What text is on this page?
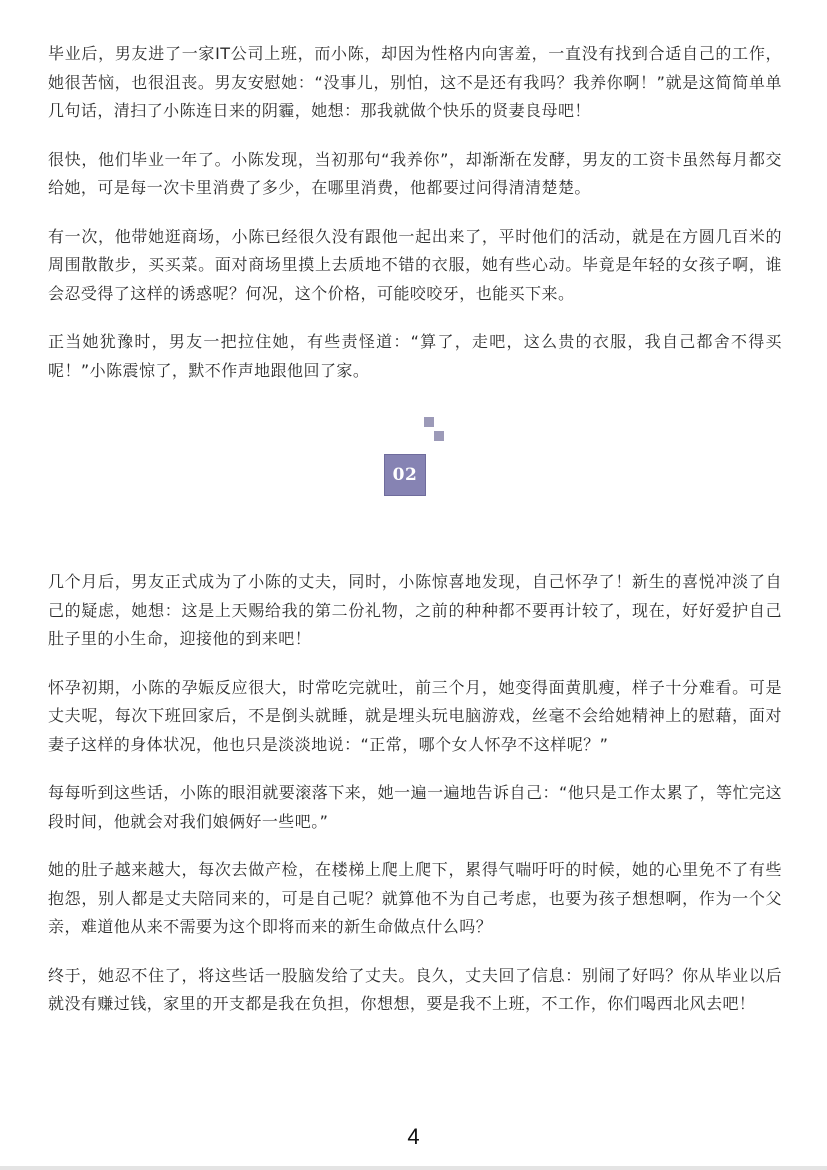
毕业后，男友进了一家IT公司上班，而小陈，却因为性格内向害羞，一直没有找到合适自己的工作，她很苦恼，也很沮丧。男友安慰她：“没事儿，别怕，这不是还有我吗？我养你啊！”就是这简简单单几句话，清扫了小陈连日来的阴霾，她想：那我就做个快乐的贤妻良母吧！

很快，他们毕业一年了。小陈发现，当初那句“我养你”，却渐渐在发酵，男友的工资卡虽然每月都交给她，可是每一次卡里消费了多少，在哪里消费，他都要过问得清清楚楚。

有一次，他带她逛商场，小陈已经很久没有跟他一起出来了，平时他们的活动，就是在方圆几百米的周围散散步，买买菜。面对商场里摸上去质地不错的衣服，她有些心动。毕竟是年轻的女孩子啊，谁会忍受得了这样的诱惑呢？何况，这个价格，可能咬咬牙，也能买下来。

正当她犹豫时，男友一把拉住她，有些责怪道：“算了，走吧，这么贵的衣服，我自己都舍不得买呢！”小陈震惊了，默不作声地跟他回了家。

02

几个月后，男友正式成为了小陈的丈夫，同时，小陈惊喜地发现，自己怀孕了！新生的喜悦冲淡了自己的疑虑，她想：这是上天赐给我的第二份礼物，之前的种种都不要再计较了，现在，好好爱护自己肚子里的小生命，迎接他的到来吧！

怀孕初期，小陈的孕娠反应很大，时常吃完就吐，前三个月，她变得面黄肌瘦，样子十分难看。可是丈夫呢，每次下班回家后，不是倒头就睡，就是埋头玩电脑游戏，丝毫不会给她精神上的慰藉，面对妻子这样的身体状况，他也只是淡淡地说：“正常，哪个女人怀孕不这样呢？”

每每听到这些话，小陈的眼泪就要滚落下来，她一遍一遍地告诉自己：“他只是工作太累了，等忙完这段时间，他就会对我们娘俩好一些吧。”

她的肚子越来越大，每次去做产检，在楼梯上爬上爬下，累得气喘吁吁的时候，她的心里免不了有些抱怨，别人都是丈夫陪同来的，可是自己呢？就算他不为自己考虑，也要为孩子想想啊，作为一个父亲，难道他从来不需要为这个即将而来的新生命做点什么吗？

终于，她忍不住了，将这些话一股脑发给了丈夫。良久，丈夫回了信息：别闹了好吗？你从毕业以后就没有赚过钱，家里的开支都是我在负担，你想想，要是我不上班，不工作，你们喝西北风去吧！

4
